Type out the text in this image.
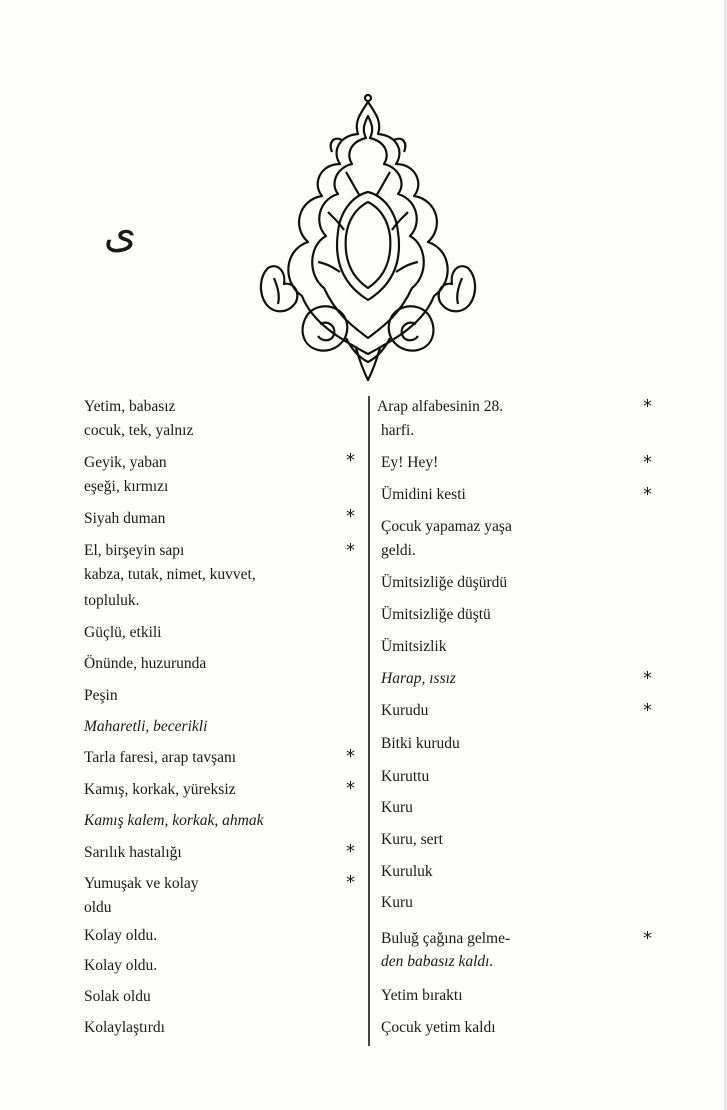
ی
Yetim, babasız
cocuk, tek, yalnız
Geyik, yaban	*
eşeği, kırmızı
Siyah duman	*
El, birşeyin sapı	*
kabza, tutak, nimet, kuvvet,
topluluk.
Güçlü, etkili
Önünde, huzurunda
Peşin
Maharetli, becerikli
Tarla faresi, arap tavşanı	*
Kamış, korkak, yüreksiz	*
Kamış kalem, korkak, ahmak
Sarılık hastalığı	*
Yumuşak ve kolay	*
oldu
Kolay oldu.
Kolay oldu.
Solak oldu
Kolaylaştırdı
Arap alfabesinin 28.	*
harfi.
Ey! Hey!	*
Ümidini kesti	*
Çocuk yapamaz yaşa
geldi.
Ümitsizliğe düşürdü
Ümitsizliğe düştü
Ümitsizlik
Harap, ıssız	*
Kurudu	*
Bitki kurudu
Kuruttu
Kuru
Kuru, sert
Kuruluk
Kuru
Buluğ çağına gelme-	*
den babasız kaldı.
Yetim bıraktı
Çocuk yetim kaldı
